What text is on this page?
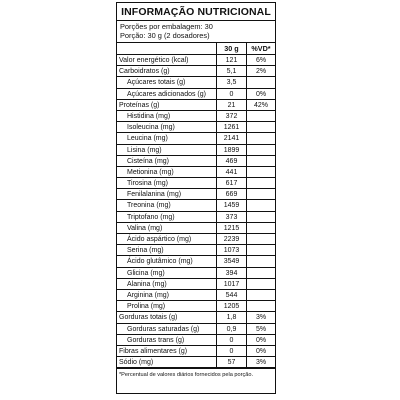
INFORMAÇÃO NUTRICIONAL
Porções por embalagem: 30
Porção: 30 g (2 dosadores)
30 g	%VD*
Valor energético (kcal)	121	6%
Carboidratos (g)	5,1	2%
Açúcares totais (g)	3,5
Açúcares adicionados (g)	0	0%
Proteínas (g)	21	42%
Histidina (mg)	372
Isoleucina (mg)	1261
Leucina (mg)	2141
Lisina (mg)	1899
Cisteína (mg)	469
Metionina (mg)	441
Tirosina (mg)	617
Fenilalanina (mg)	669
Treonina (mg)	1459
Triptofano (mg)	373
Valina (mg)	1215
Ácido aspártico (mg)	2239
Serina (mg)	1073
Ácido glutâmico (mg)	3549
Glicina (mg)	394
Alanina (mg)	1017
Arginina (mg)	544
Prolina (mg)	1205
Gorduras totais (g)	1,8	3%
Gorduras saturadas (g)	0,9	5%
Gorduras trans (g)	0	0%
Fibras alimentares (g)	0	0%
Sódio (mg)	57	3%
*Percentual de valores diários fornecidos pela porção.
